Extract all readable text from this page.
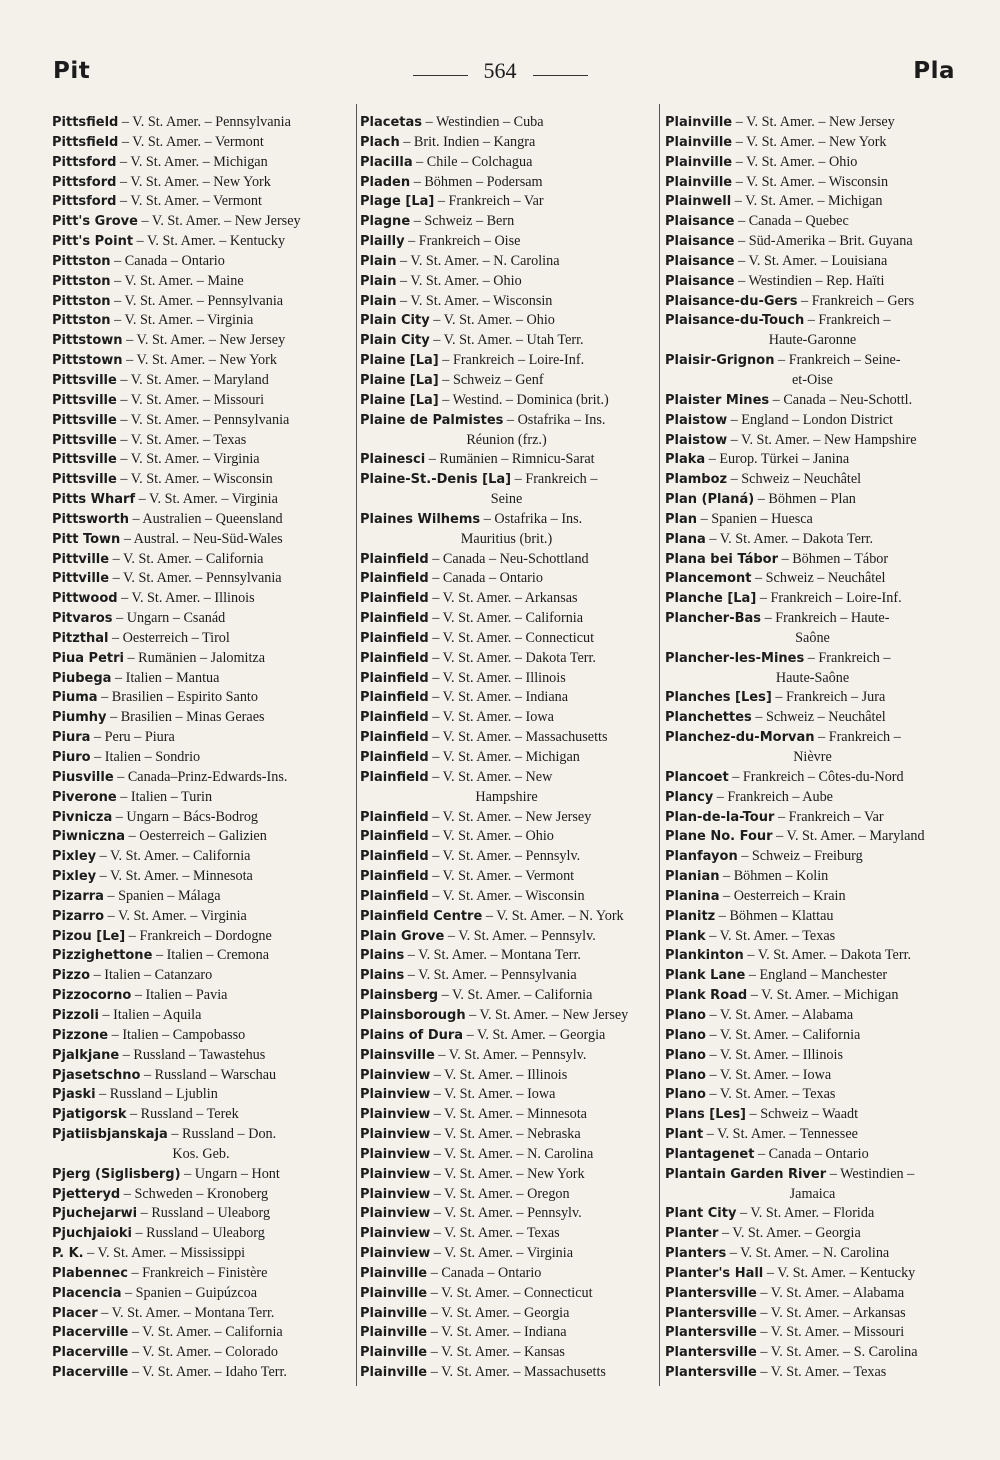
Pit	564	Pla
Pittsfield – V. St. Amer. – Pennsylvania
Pittsfield – V. St. Amer. – Vermont
Pittsford – V. St. Amer. – Michigan
Pittsford – V. St. Amer. – New York
Pittsford – V. St. Amer. – Vermont
Pitt's Grove – V. St. Amer. – New Jersey
Pitt's Point – V. St. Amer. – Kentucky
Pittston – Canada – Ontario
Pittston – V. St. Amer. – Maine
Pittston – V. St. Amer. – Pennsylvania
Pittston – V. St. Amer. – Virginia
Pittstown – V. St. Amer. – New Jersey
Pittstown – V. St. Amer. – New York
Pittsville – V. St. Amer. – Maryland
Pittsville – V. St. Amer. – Missouri
Pittsville – V. St. Amer. – Pennsylvania
Pittsville – V. St. Amer. – Texas
Pittsville – V. St. Amer. – Virginia
Pittsville – V. St. Amer. – Wisconsin
Pitts Wharf – V. St. Amer. – Virginia
Pittsworth – Australien – Queensland
Pitt Town – Austral. – Neu-Süd-Wales
Pittville – V. St. Amer. – California
Pittville – V. St. Amer. – Pennsylvania
Pittwood – V. St. Amer. – Illinois
Pitvaros – Ungarn – Csanád
Pitzthal – Oesterreich – Tirol
Piua Petri – Rumänien – Jalomitza
Piubega – Italien – Mantua
Piuma – Brasilien – Espirito Santo
Piumhy – Brasilien – Minas Geraes
Piura – Peru – Piura
Piuro – Italien – Sondrio
Piusville – Canada–Prinz-Edwards-Ins.
Piverone – Italien – Turin
Pivnicza – Ungarn – Bács-Bodrog
Piwniczna – Oesterreich – Galizien
Pixley – V. St. Amer. – California
Pixley – V. St. Amer. – Minnesota
Pizarra – Spanien – Málaga
Pizarro – V. St. Amer. – Virginia
Pizou [Le] – Frankreich – Dordogne
Pizzighettone – Italien – Cremona
Pizzo – Italien – Catanzaro
Pizzocorno – Italien – Pavia
Pizzoli – Italien – Aquila
Pizzone – Italien – Campobasso
Pjalkjane – Russland – Tawastehus
Pjasetschno – Russland – Warschau
Pjaski – Russland – Ljublin
Pjatigorsk – Russland – Terek
Pjatiisbjanskaja – Russland – Don.
Kos. Geb.
Pjerg (Siglisberg) – Ungarn – Hont
Pjetteryd – Schweden – Kronoberg
Pjuchejarwi – Russland – Uleaborg
Pjuchjaioki – Russland – Uleaborg
P. K. – V. St. Amer. – Mississippi
Plabennec – Frankreich – Finistère
Placencia – Spanien – Guipúzcoa
Placer – V. St. Amer. – Montana Terr.
Placerville – V. St. Amer. – California
Placerville – V. St. Amer. – Colorado
Placerville – V. St. Amer. – Idaho Terr.
Placetas – Westindien – Cuba
Plach – Brit. Indien – Kangra
Placilla – Chile – Colchagua
Pladen – Böhmen – Podersam
Plage [La] – Frankreich – Var
Plagne – Schweiz – Bern
Plailly – Frankreich – Oise
Plain – V. St. Amer. – N. Carolina
Plain – V. St. Amer. – Ohio
Plain – V. St. Amer. – Wisconsin
Plain City – V. St. Amer. – Ohio
Plain City – V. St. Amer. – Utah Terr.
Plaine [La] – Frankreich – Loire-Inf.
Plaine [La] – Schweiz – Genf
Plaine [La] – Westind. – Dominica (brit.)
Plaine de Palmistes – Ostafrika – Ins.
Réunion (frz.)
Plainesci – Rumänien – Rimnicu-Sarat
Plaine-St.-Denis [La] – Frankreich –
Seine
Plaines Wilhems – Ostafrika – Ins.
Mauritius (brit.)
Plainfield – Canada – Neu-Schottland
Plainfield – Canada – Ontario
Plainfield – V. St. Amer. – Arkansas
Plainfield – V. St. Amer. – California
Plainfield – V. St. Amer. – Connecticut
Plainfield – V. St. Amer. – Dakota Terr.
Plainfield – V. St. Amer. – Illinois
Plainfield – V. St. Amer. – Indiana
Plainfield – V. St. Amer. – Iowa
Plainfield – V. St. Amer. – Massachusetts
Plainfield – V. St. Amer. – Michigan
Plainfield – V. St. Amer. – New
Hampshire
Plainfield – V. St. Amer. – New Jersey
Plainfield – V. St. Amer. – Ohio
Plainfield – V. St. Amer. – Pennsylv.
Plainfield – V. St. Amer. – Vermont
Plainfield – V. St. Amer. – Wisconsin
Plainfield Centre – V. St. Amer. – N. York
Plain Grove – V. St. Amer. – Pennsylv.
Plains – V. St. Amer. – Montana Terr.
Plains – V. St. Amer. – Pennsylvania
Plainsberg – V. St. Amer. – California
Plainsborough – V. St. Amer. – New Jersey
Plains of Dura – V. St. Amer. – Georgia
Plainsville – V. St. Amer. – Pennsylv.
Plainview – V. St. Amer. – Illinois
Plainview – V. St. Amer. – Iowa
Plainview – V. St. Amer. – Minnesota
Plainview – V. St. Amer. – Nebraska
Plainview – V. St. Amer. – N. Carolina
Plainview – V. St. Amer. – New York
Plainview – V. St. Amer. – Oregon
Plainview – V. St. Amer. – Pennsylv.
Plainview – V. St. Amer. – Texas
Plainview – V. St. Amer. – Virginia
Plainville – Canada – Ontario
Plainville – V. St. Amer. – Connecticut
Plainville – V. St. Amer. – Georgia
Plainville – V. St. Amer. – Indiana
Plainville – V. St. Amer. – Kansas
Plainville – V. St. Amer. – Massachusetts
Plainville – V. St. Amer. – New Jersey
Plainville – V. St. Amer. – New York
Plainville – V. St. Amer. – Ohio
Plainville – V. St. Amer. – Wisconsin
Plainwell – V. St. Amer. – Michigan
Plaisance – Canada – Quebec
Plaisance – Süd-Amerika – Brit. Guyana
Plaisance – V. St. Amer. – Louisiana
Plaisance – Westindien – Rep. Haïti
Plaisance-du-Gers – Frankreich – Gers
Plaisance-du-Touch – Frankreich –
Haute-Garonne
Plaisir-Grignon – Frankreich – Seine-
et-Oise
Plaister Mines – Canada – Neu-Schottl.
Plaistow – England – London District
Plaistow – V. St. Amer. – New Hampshire
Plaka – Europ. Türkei – Janina
Plamboz – Schweiz – Neuchâtel
Plan (Planá) – Böhmen – Plan
Plan – Spanien – Huesca
Plana – V. St. Amer. – Dakota Terr.
Plana bei Tábor – Böhmen – Tábor
Plancemont – Schweiz – Neuchâtel
Planche [La] – Frankreich – Loire-Inf.
Plancher-Bas – Frankreich – Haute-
Saône
Plancher-les-Mines – Frankreich –
Haute-Saône
Planches [Les] – Frankreich – Jura
Planchettes – Schweiz – Neuchâtel
Planchez-du-Morvan – Frankreich –
Nièvre
Plancoet – Frankreich – Côtes-du-Nord
Plancy – Frankreich – Aube
Plan-de-la-Tour – Frankreich – Var
Plane No. Four – V. St. Amer. – Maryland
Planfayon – Schweiz – Freiburg
Planian – Böhmen – Kolin
Planina – Oesterreich – Krain
Planitz – Böhmen – Klattau
Plank – V. St. Amer. – Texas
Plankinton – V. St. Amer. – Dakota Terr.
Plank Lane – England – Manchester
Plank Road – V. St. Amer. – Michigan
Plano – V. St. Amer. – Alabama
Plano – V. St. Amer. – California
Plano – V. St. Amer. – Illinois
Plano – V. St. Amer. – Iowa
Plano – V. St. Amer. – Texas
Plans [Les] – Schweiz – Waadt
Plant – V. St. Amer. – Tennessee
Plantagenet – Canada – Ontario
Plantain Garden River – Westindien –
Jamaica
Plant City – V. St. Amer. – Florida
Planter – V. St. Amer. – Georgia
Planters – V. St. Amer. – N. Carolina
Planter's Hall – V. St. Amer. – Kentucky
Plantersville – V. St. Amer. – Alabama
Plantersville – V. St. Amer. – Arkansas
Plantersville – V. St. Amer. – Missouri
Plantersville – V. St. Amer. – S. Carolina
Plantersville – V. St. Amer. – Texas
